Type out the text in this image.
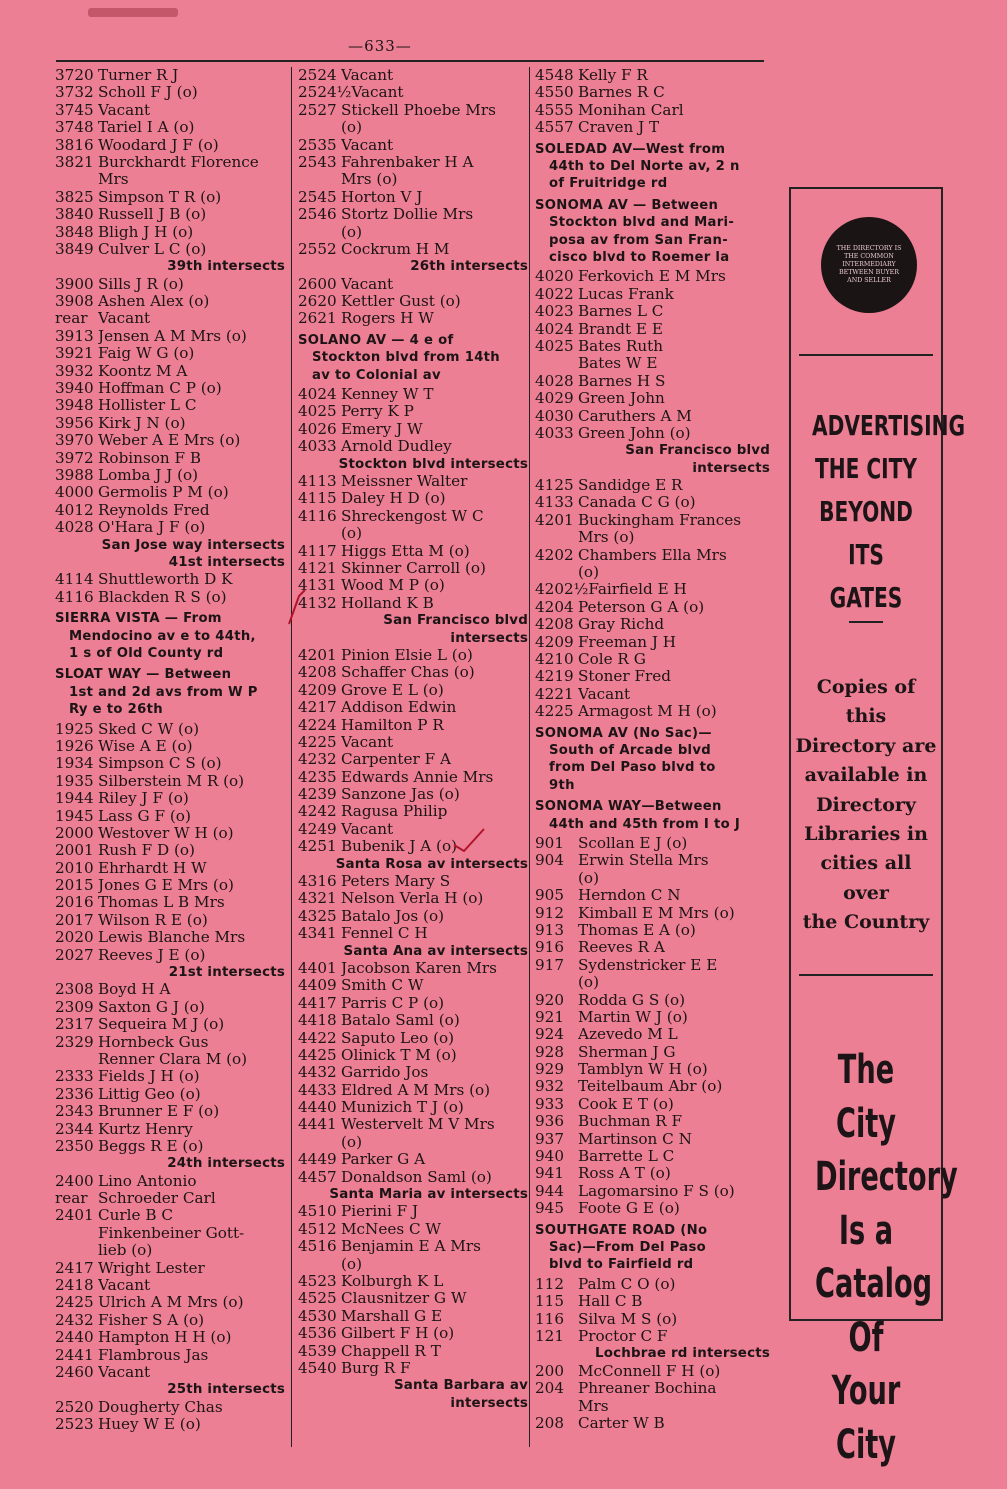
—633—
3720 Turner R J
3732 Scholl F J (o)
3745 Vacant
3748 Tariel I A (o)
3816 Woodard J F (o)
3821 Burckhardt Florence
Mrs
3825 Simpson T R (o)
3840 Russell J B (o)
3848 Bligh J H (o)
3849 Culver L C (o)
39th intersects
3900 Sills J R (o)
3908 Ashen Alex (o)
rear Vacant
3913 Jensen A M Mrs (o)
3921 Faig W G (o)
3932 Koontz M A
3940 Hoffman C P (o)
3948 Hollister L C
3956 Kirk J N (o)
3970 Weber A E Mrs (o)
3972 Robinson F B
3988 Lomba J J (o)
4000 Germolis P M (o)
4012 Reynolds Fred
4028 O'Hara J F (o)
San Jose way intersects
41st intersects
4114 Shuttleworth D K
4116 Blackden R S (o)
SIERRA VISTA — From
Mendocino av e to 44th,
1 s of Old County rd
SLOAT WAY — Between
1st and 2d avs from W P
Ry e to 26th
1925 Sked C W (o)
1926 Wise A E (o)
1934 Simpson C S (o)
1935 Silberstein M R (o)
1944 Riley J F (o)
1945 Lass G F (o)
2000 Westover W H (o)
2001 Rush F D (o)
2010 Ehrhardt H W
2015 Jones G E Mrs (o)
2016 Thomas L B Mrs
2017 Wilson R E (o)
2020 Lewis Blanche Mrs
2027 Reeves J E (o)
21st intersects
2308 Boyd H A
2309 Saxton G J (o)
2317 Sequeira M J (o)
2329 Hornbeck Gus
Renner Clara M (o)
2333 Fields J H (o)
2336 Littig Geo (o)
2343 Brunner E F (o)
2344 Kurtz Henry
2350 Beggs R E (o)
24th intersects
2400 Lino Antonio
rear Schroeder Carl
2401 Curle B C
Finkenbeiner Gott-
lieb (o)
2417 Wright Lester
2418 Vacant
2425 Ulrich A M Mrs (o)
2432 Fisher S A (o)
2440 Hampton H H (o)
2441 Flambrous Jas
2460 Vacant
25th intersects
2520 Dougherty Chas
2523 Huey W E (o)
2524 Vacant
2524½ Vacant
2527 Stickell Phoebe Mrs
(o)
2535 Vacant
2543 Fahrenbaker H A
Mrs (o)
2545 Horton V J
2546 Stortz Dollie Mrs
(o)
2552 Cockrum H M
26th intersects
2600 Vacant
2620 Kettler Gust (o)
2621 Rogers H W
SOLANO AV — 4 e of
Stockton blvd from 14th
av to Colonial av
4024 Kenney W T
4025 Perry K P
4026 Emery J W
4033 Arnold Dudley
Stockton blvd intersects
4113 Meissner Walter
4115 Daley H D (o)
4116 Shreckengost W C
(o)
4117 Higgs Etta M (o)
4121 Skinner Carroll (o)
4131 Wood M P (o)
4132 Holland K B
San Francisco blvd
intersects
4201 Pinion Elsie L (o)
4208 Schaffer Chas (o)
4209 Grove E L (o)
4217 Addison Edwin
4224 Hamilton P R
4225 Vacant
4232 Carpenter F A
4235 Edwards Annie Mrs
4239 Sanzone Jas (o)
4242 Ragusa Philip
4249 Vacant
4251 Bubenik J A (o)
Santa Rosa av intersects
4316 Peters Mary S
4321 Nelson Verla H (o)
4325 Batalo Jos (o)
4341 Fennel C H
Santa Ana av intersects
4401 Jacobson Karen Mrs
4409 Smith C W
4417 Parris C P (o)
4418 Batalo Saml (o)
4422 Saputo Leo (o)
4425 Olinick T M (o)
4432 Garrido Jos
4433 Eldred A M Mrs (o)
4440 Munizich T J (o)
4441 Westervelt M V Mrs
(o)
4449 Parker G A
4457 Donaldson Saml (o)
Santa Maria av intersects
4510 Pierini F J
4512 McNees C W
4516 Benjamin E A Mrs
(o)
4523 Kolburgh K L
4525 Clausnitzer G W
4530 Marshall G E
4536 Gilbert F H (o)
4539 Chappell R T
4540 Burg R F
Santa Barbara av
intersects
4548 Kelly F R
4550 Barnes R C
4555 Monihan Carl
4557 Craven J T
SOLEDAD AV—West from
44th to Del Norte av, 2 n
of Fruitridge rd
SONOMA AV — Between
Stockton blvd and Mari-
posa av from San Fran-
cisco blvd to Roemer la
4020 Ferkovich E M Mrs
4022 Lucas Frank
4023 Barnes L C
4024 Brandt E E
4025 Bates Ruth
Bates W E
4028 Barnes H S
4029 Green John
4030 Caruthers A M
4033 Green John (o)
San Francisco blvd
intersects
4125 Sandidge E R
4133 Canada C G (o)
4201 Buckingham Frances
Mrs (o)
4202 Chambers Ella Mrs
(o)
4202½ Fairfield E H
4204 Peterson G A (o)
4208 Gray Richd
4209 Freeman J H
4210 Cole R G
4219 Stoner Fred
4221 Vacant
4225 Armagost M H (o)
SONOMA AV (No Sac)—
South of Arcade blvd
from Del Paso blvd to
9th
SONOMA WAY—Between
44th and 45th from I to J
901 Scollan E J (o)
904 Erwin Stella Mrs
(o)
905 Herndon C N
912 Kimball E M Mrs (o)
913 Thomas E A (o)
916 Reeves R A
917 Sydenstricker E E
(o)
920 Rodda G S (o)
921 Martin W J (o)
924 Azevedo M L
928 Sherman J G
929 Tamblyn W H (o)
932 Teitelbaum Abr (o)
933 Cook E T (o)
936 Buchman R F
937 Martinson C N
940 Barrette L C
941 Ross A T (o)
944 Lagomarsino F S (o)
945 Foote G E (o)
SOUTHGATE ROAD (No
Sac)—From Del Paso
blvd to Fairfield rd
112 Palm C O (o)
115 Hall C B
116 Silva M S (o)
121 Proctor C F
Lochbrae rd intersects
200 McConnell F H (o)
204 Phreaner Bochina
Mrs
208 Carter W B
THE DIRECTORY IS THE COMMON INTERMEDIARY BETWEEN BUYER AND SELLER
ADVERTISING
THE CITY
BEYOND
ITS GATES
Copies of
this
Directory are
available in
Directory
Libraries in
cities all
over
the Country
The City
Directory
Is a
Catalog Of
Your City
